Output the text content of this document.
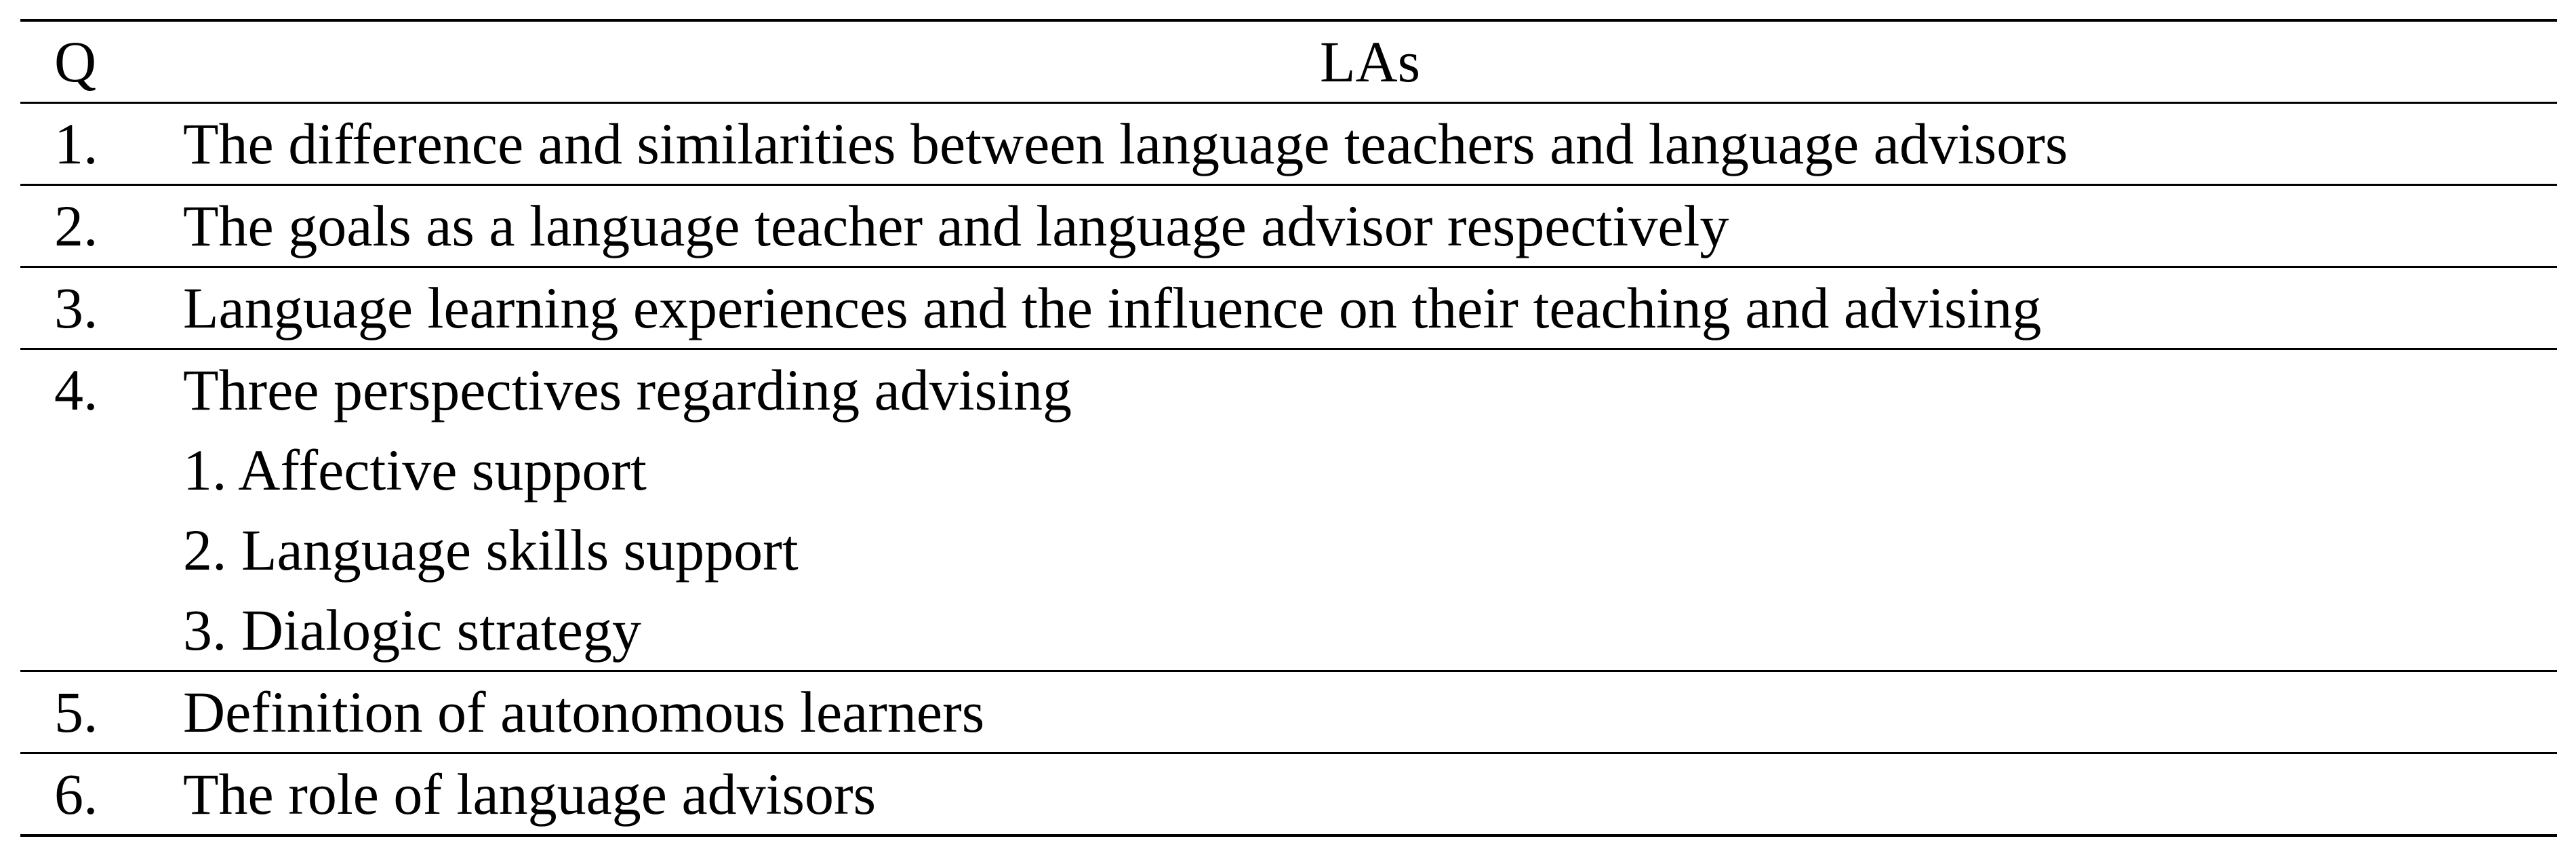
Q	LAs
1.	The difference and similarities between language teachers and language advisors
2.	The goals as a language teacher and language advisor respectively
3.	Language learning experiences and the influence on their teaching and advising
4.	Three perspectives regarding advising
1. Affective support
2. Language skills support
3. Dialogic strategy

5.	Definition of autonomous learners
6.	The role of language advisors
